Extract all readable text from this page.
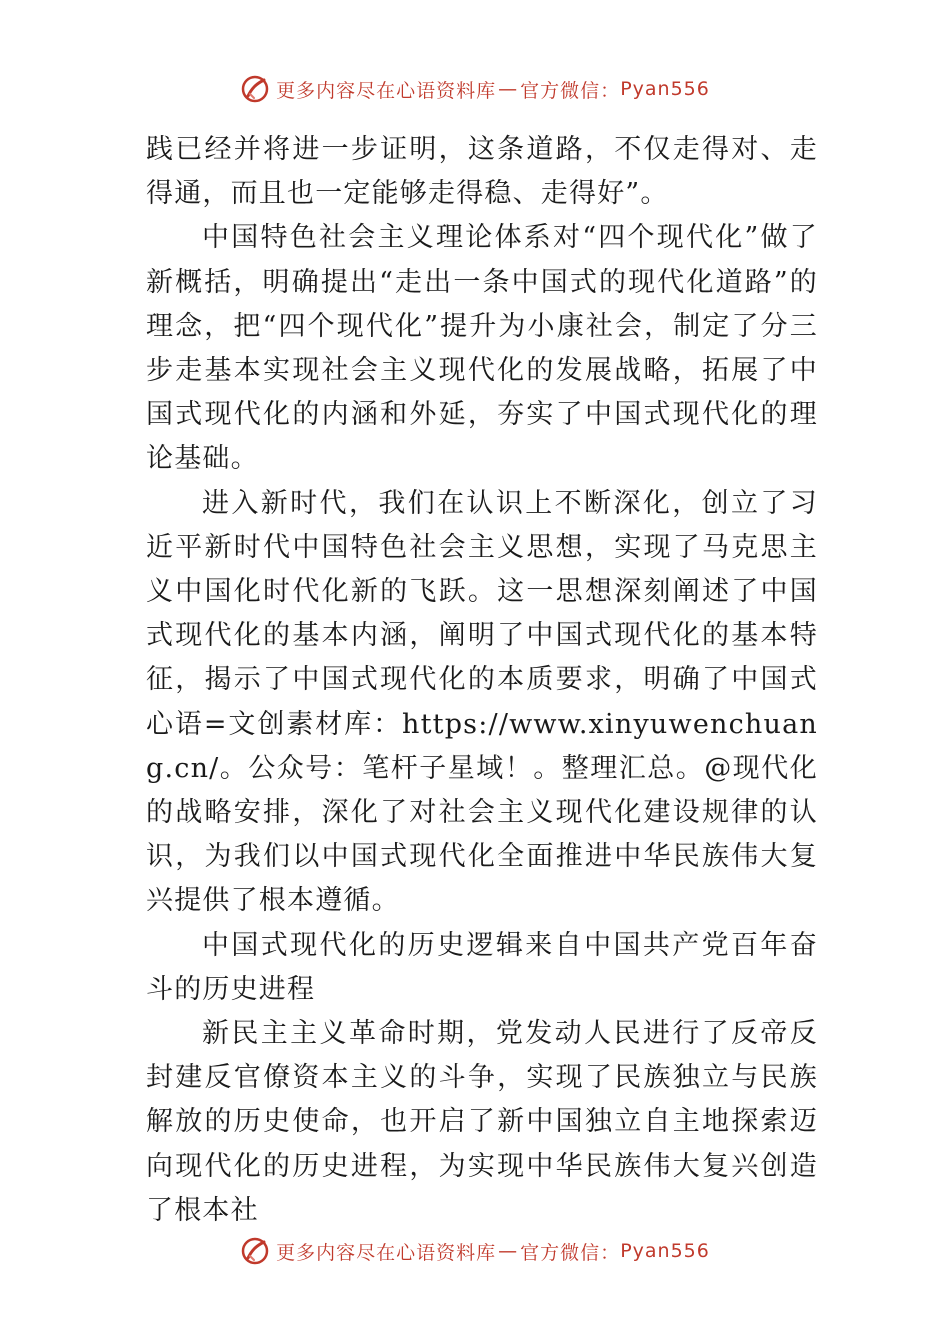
更多内容尽在心语资料库 — 官方微信： Pyan556

践已经并将进一步证明，这条道路，不仅走得对、走得通，而且也一定能够走得稳、走得好”。

中国特色社会主义理论体系对“四个现代化”做了新概括，明确提出“走出一条中国式的现代化道路”的理念，把“四个现代化”提升为小康社会，制定了分三步走基本实现社会主义现代化的发展战略，拓展了中国式现代化的内涵和外延，夯实了中国式现代化的理论基础。

进入新时代，我们在认识上不断深化，创立了习近平新时代中国特色社会主义思想，实现了马克思主义中国化时代化新的飞跃。这一思想深刻阐述了中国式现代化的基本内涵，阐明了中国式现代化的基本特征，揭示了中国式现代化的本质要求，明确了中国式心语=文创素材库：https://www.xinyuwenchuang.cn/。公众号：笔杆子星域！。整理汇总。@现代化的战略安排，深化了对社会主义现代化建设规律的认识，为我们以中国式现代化全面推进中华民族伟大复兴提供了根本遵循。

中国式现代化的历史逻辑来自中国共产党百年奋斗的历史进程

新民主主义革命时期，党发动人民进行了反帝反封建反官僚资本主义的斗争，实现了民族独立与民族解放的历史使命，也开启了新中国独立自主地探索迈向现代化的历史进程，为实现中华民族伟大复兴创造了根本社

更多内容尽在心语资料库 — 官方微信： Pyan556
